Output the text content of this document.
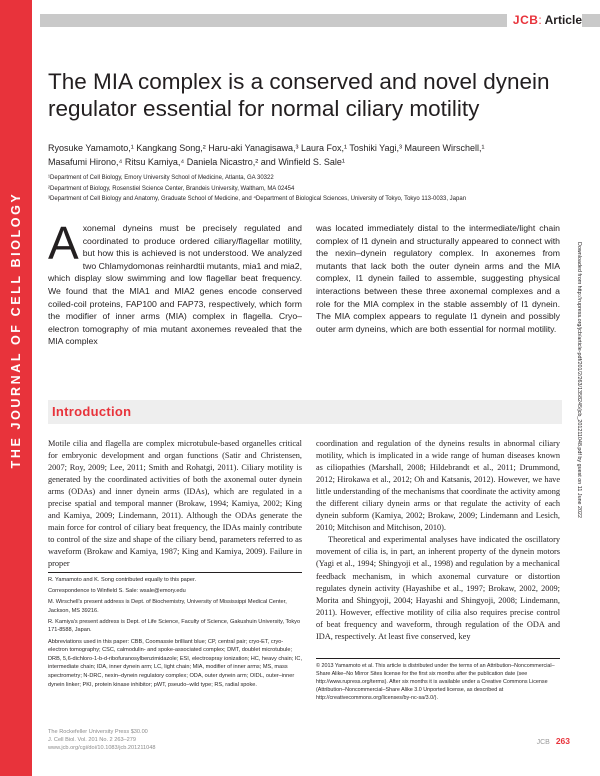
THE JOURNAL OF CELL BIOLOGY
JCB: Article
The MIA complex is a conserved and novel dynein regulator essential for normal ciliary motility
Ryosuke Yamamoto,¹ Kangkang Song,² Haru-aki Yanagisawa,³ Laura Fox,¹ Toshiki Yagi,³ Maureen Wirschell,¹
Masafumi Hirono,⁴ Ritsu Kamiya,⁴ Daniela Nicastro,² and Winfield S. Sale¹
¹Department of Cell Biology, Emory University School of Medicine, Atlanta, GA 30322
²Department of Biology, Rosenstiel Science Center, Brandeis University, Waltham, MA 02454
³Department of Cell Biology and Anatomy, Graduate School of Medicine, and ⁴Department of Biological Sciences, University of Tokyo, Tokyo 113-0033, Japan
Axonemal dyneins must be precisely regulated and coordinated to produce ordered ciliary/flagellar motility, but how this is achieved is not understood. We analyzed two Chlamydomonas reinhardtii mutants, mia1 and mia2, which display slow swimming and low flagellar beat frequency. We found that the MIA1 and MIA2 genes encode conserved coiled-coil proteins, FAP100 and FAP73, respectively, which form the modifier of inner arms (MIA) complex in flagella. Cryo–electron tomography of mia mutant axonemes revealed that the MIA complex
was located immediately distal to the intermediate/light chain complex of I1 dynein and structurally appeared to connect with the nexin–dynein regulatory complex. In axonemes from mutants that lack both the outer dynein arms and the MIA complex, I1 dynein failed to assemble, suggesting physical interactions between these three axonemal complexes and a role for the MIA complex in the stable assembly of I1 dynein. The MIA complex appears to regulate I1 dynein and possibly outer arm dyneins, which are both essential for normal motility.	Downloaded from http://rupress.org/jcb/article-pdf/201/2/263/1358245/jcb_201211048.pdf by guest on 11 June 2022
Introduction
Motile cilia and flagella are complex microtubule-based organelles critical for embryonic development and organ functions (Satir and Christensen, 2007; Roy, 2009; Lee, 2011; Smith and Rohatgi, 2011). Ciliary motility is generated by the coordinated activities of both the axonemal outer dynein arms (ODAs) and inner dynein arms (IDAs), which are regulated in a precise spatial and temporal manner (Brokaw, 1994; Kamiya, 2002; King and Kamiya, 2009; Lindemann, 2011). Although the ODAs generate the main force for control of ciliary beat frequency, the IDAs mainly contribute to control of the size and shape of the ciliary bend, parameters referred to as waveform (Brokaw and Kamiya, 1987; King and Kamiya, 2009). Failure in proper
coordination and regulation of the dyneins results in abnormal ciliary motility, which is implicated in a wide range of human diseases known as ciliopathies (Marshall, 2008; Hildebrandt et al., 2011; Drummond, 2012; Hirokawa et al., 2012; Oh and Katsanis, 2012). However, we have little understanding of the mechanisms that coordinate the activity among the different ciliary dynein arms or that regulate the activity of each dynein subform (Kamiya, 2002; Brokaw, 2009; Lindemann and Lesich, 2010; Mitchison and Mitchison, 2010).
Theoretical and experimental analyses have indicated the oscillatory movement of cilia is, in part, an inherent property of the dynein motors (Yagi et al., 1994; Shingyoji et al., 1998) and regulation by a mechanical feedback mechanism, in which axonemal curvature or distortion regulates dynein activity (Hayashibe et al., 1997; Brokaw, 2002, 2009; Morita and Shingyoji, 2004; Hayashi and Shingyoji, 2008; Lindemann, 2011). However, effective motility of cilia also requires precise control of beat frequency and waveform, through regulation of the ODA and IDA, respectively. At least five conserved, key

R. Yamamoto and K. Song contributed equally to this paper.

Correspondence to Winfield S. Sale: wsale@emory.edu

M. Wirschell's present address is Dept. of Biochemistry, University of Mississippi Medical Center, Jackson, MS 39216.

R. Kamiya's present address is Dept. of Life Science, Faculty of Science, Gakushuin University, Tokyo 171-8588, Japan.

Abbreviations used in this paper: CBB, Coomassie brilliant blue; CP, central pair; cryo-ET, cryo-electron tomography; CSC, calmodulin- and spoke-associated complex; DMT, doublet microtubule; DRB, 5,6-dichloro-1-b-d-ribofuranosylbenzimidazole; ESI, electrospray ionization; HC, heavy chain; IC, intermediate chain; IDA, inner dynein arm; LC, light chain; MIA, modifier of inner arms; MS, mass spectrometry; N-DRC, nexin–dynein regulatory complex; ODA, outer dynein arm; OIDL, outer–inner dynein linker; PKI, protein kinase inhibitor; pWT, pseudo–wild type; RS, radial spoke.

© 2013 Yamamoto et al. This article is distributed under the terms of an Attribution–Noncommercial–Share Alike–No Mirror Sites license for the first six months after the publication date (see http://www.rupress.org/terms). After six months it is available under a Creative Commons License (Attribution–Noncommercial–Share Alike 3.0 Unported license, as described at http://creativecommons.org/licenses/by-nc-sa/3.0/).
The Rockefeller University Press $30.00
J. Cell Biol. Vol. 201 No. 2 263–279
www.jcb.org/cgi/doi/10.1083/jcb.201211048
JCB 263
